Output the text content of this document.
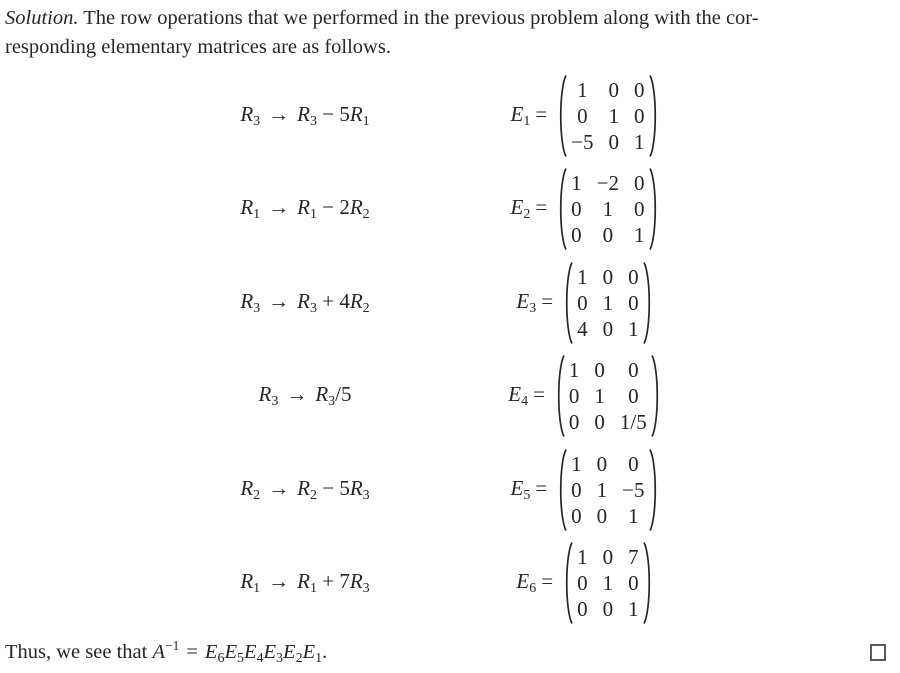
Solution. The row operations that we performed in the previous problem along with the cor-
responding elementary matrices are as follows.
R3 → R3 − 5R1	E1 =
1 0 0
0 1 0
−5 0 1
R1 → R1 − 2R2	E2 =
1 −2 0
0 1 0
0 0 1
R3 → R3 + 4R2	E3 =
1 0 0
0 1 0
4 0 1
R3 → R3/5	E4 =
1 0 0
0 1 0
0 0 1/5
R2 → R2 − 5R3	E5 =
1 0 0
0 1 −5
0 0 1
R1 → R1 + 7R3	E6 =
1 0 7
0 1 0
0 0 1
Thus, we see that $A^{-1} = E6E5E4E3E2E1$.
